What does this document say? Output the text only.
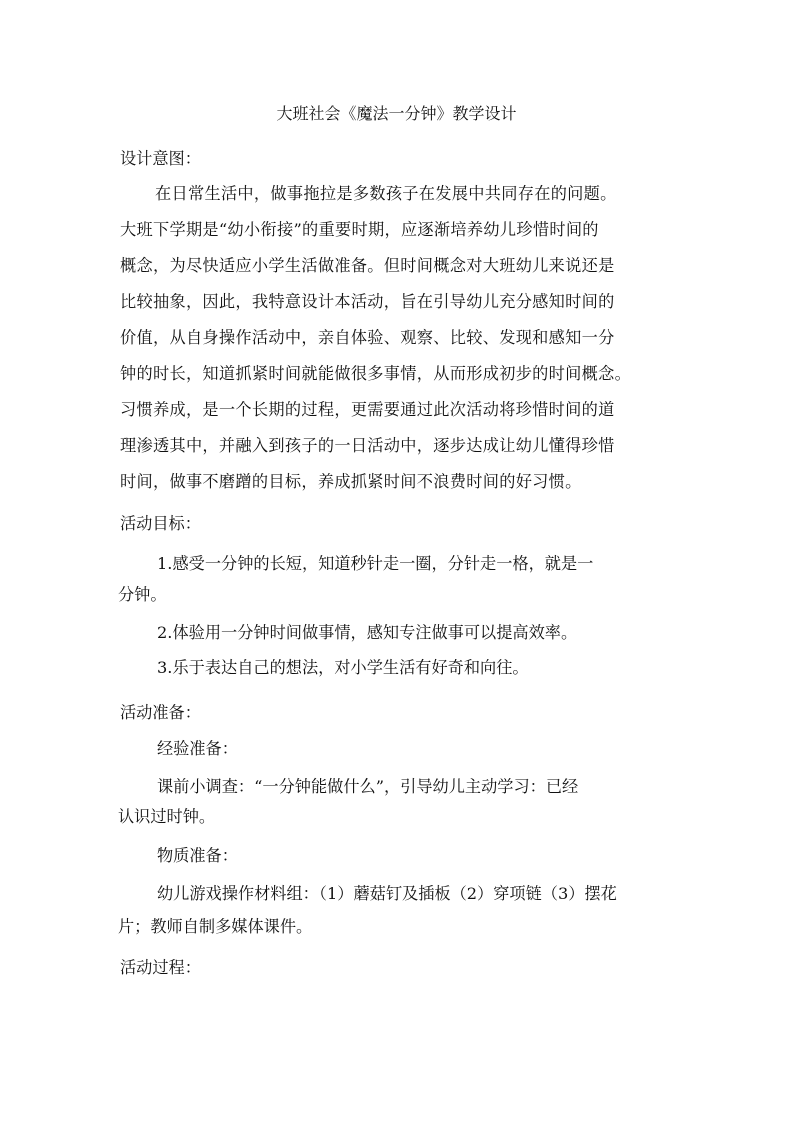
大班社会《魔法一分钟》教学设计
设计意图：
在日常生活中，做事拖拉是多数孩子在发展中共同存在的问题。
大班下学期是“幼小衔接”的重要时期，应逐渐培养幼儿珍惜时间的
概念，为尽快适应小学生活做准备。但时间概念对大班幼儿来说还是
比较抽象，因此，我特意设计本活动，旨在引导幼儿充分感知时间的
价值，从自身操作活动中，亲自体验、观察、比较、发现和感知一分
钟的时长，知道抓紧时间就能做很多事情，从而形成初步的时间概念。
习惯养成，是一个长期的过程，更需要通过此次活动将珍惜时间的道
理渗透其中，并融入到孩子的一日活动中，逐步达成让幼儿懂得珍惜
时间，做事不磨蹭的目标，养成抓紧时间不浪费时间的好习惯。
活动目标：
1.感受一分钟的长短，知道秒针走一圈，分针走一格，就是一
分钟。
2.体验用一分钟时间做事情，感知专注做事可以提高效率。
3.乐于表达自己的想法，对小学生活有好奇和向往。
活动准备：
经验准备：
课前小调查：“一分钟能做什么”，引导幼儿主动学习：已经
认识过时钟。
物质准备：
幼儿游戏操作材料组：（1）蘑菇钉及插板（2）穿项链（3）摆花
片；教师自制多媒体课件。
活动过程：
